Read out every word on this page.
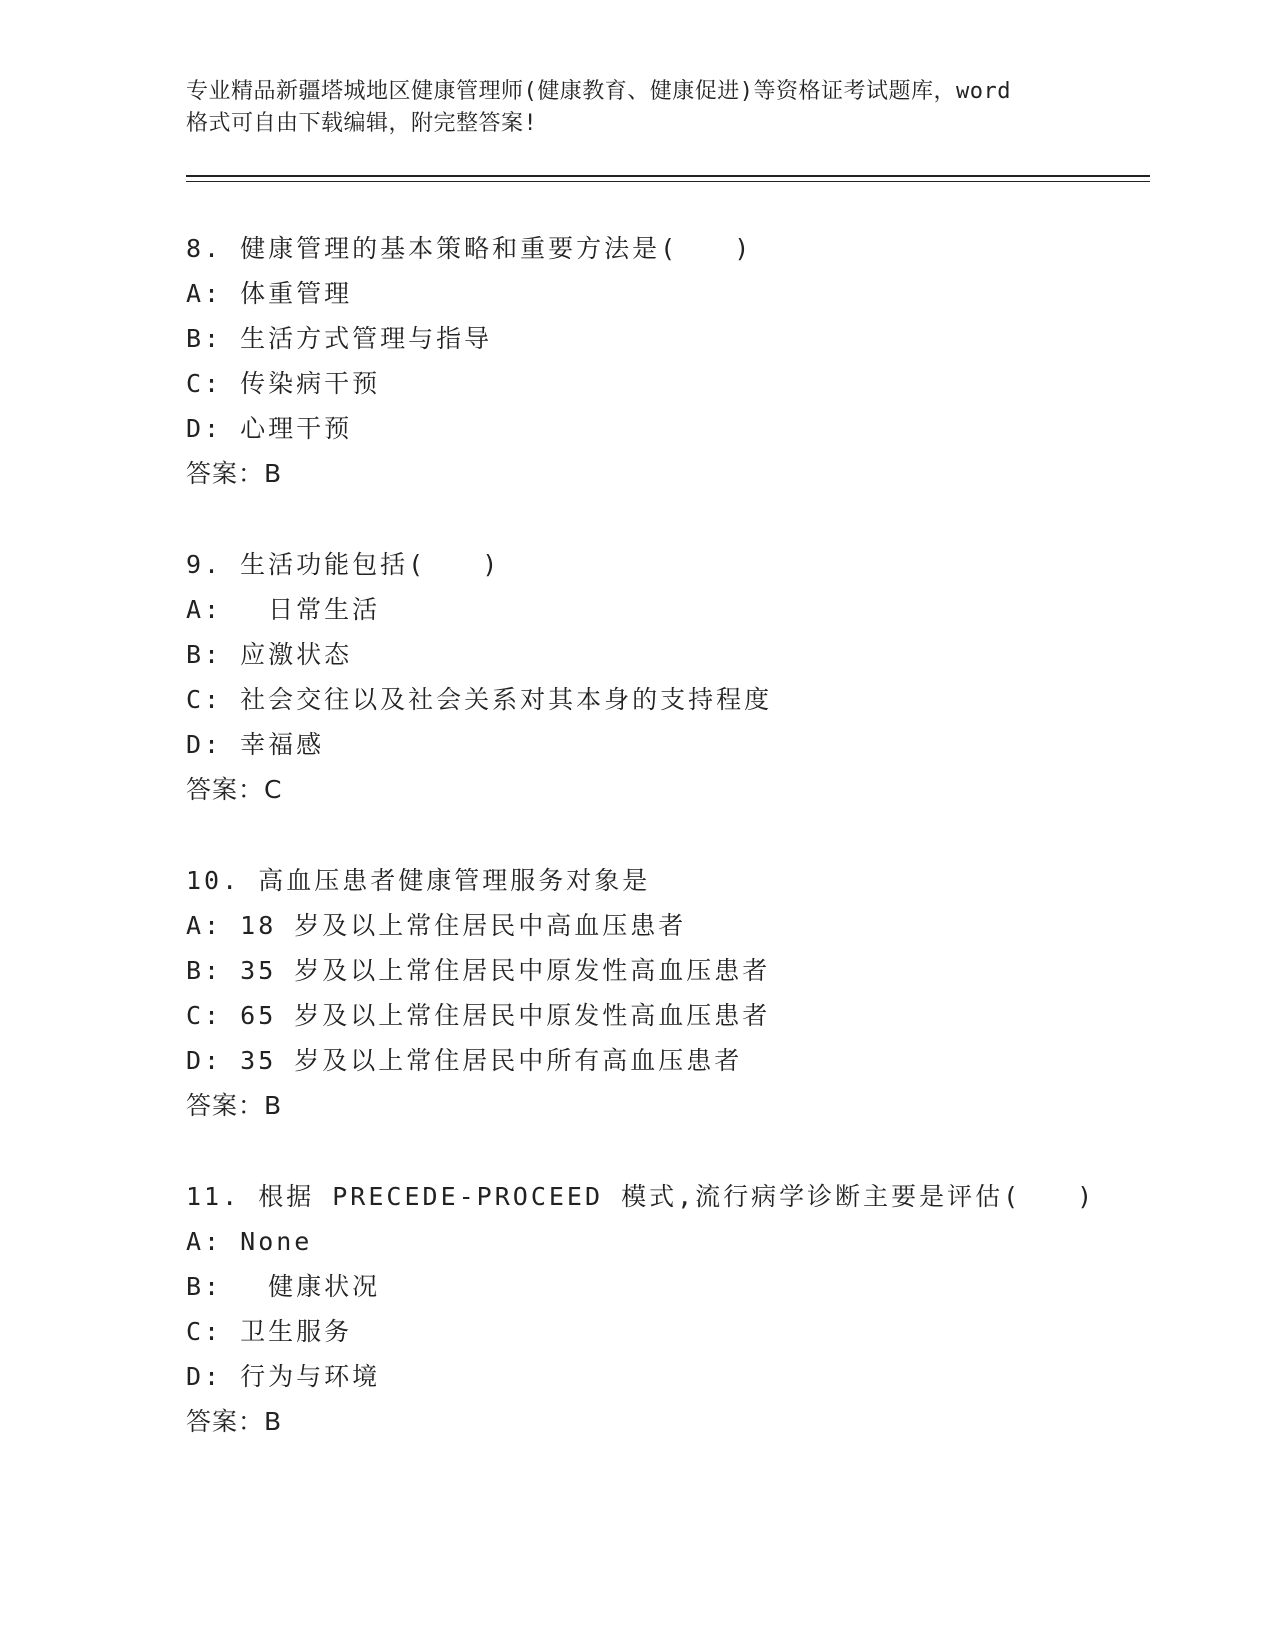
专业精品新疆塔城地区健康管理师(健康教育、健康促进)等资格证考试题库，word
格式可自由下载编辑，附完整答案!
8. 健康管理的基本策略和重要方法是(　　)
A: 体重管理
B: 生活方式管理与指导
C: 传染病干预
D: 心理干预
答案：B
9. 生活功能包括(　　)
A: 　日常生活
B: 应激状态
C: 社会交往以及社会关系对其本身的支持程度
D: 幸福感
答案：C
10. 高血压患者健康管理服务对象是
A: 18 岁及以上常住居民中高血压患者
B: 35 岁及以上常住居民中原发性高血压患者
C: 65 岁及以上常住居民中原发性高血压患者
D: 35 岁及以上常住居民中所有高血压患者
答案：B
11. 根据 PRECEDE-PROCEED 模式,流行病学诊断主要是评估(　　)
A: None
B: 　健康状况
C: 卫生服务
D: 行为与环境
答案：B
